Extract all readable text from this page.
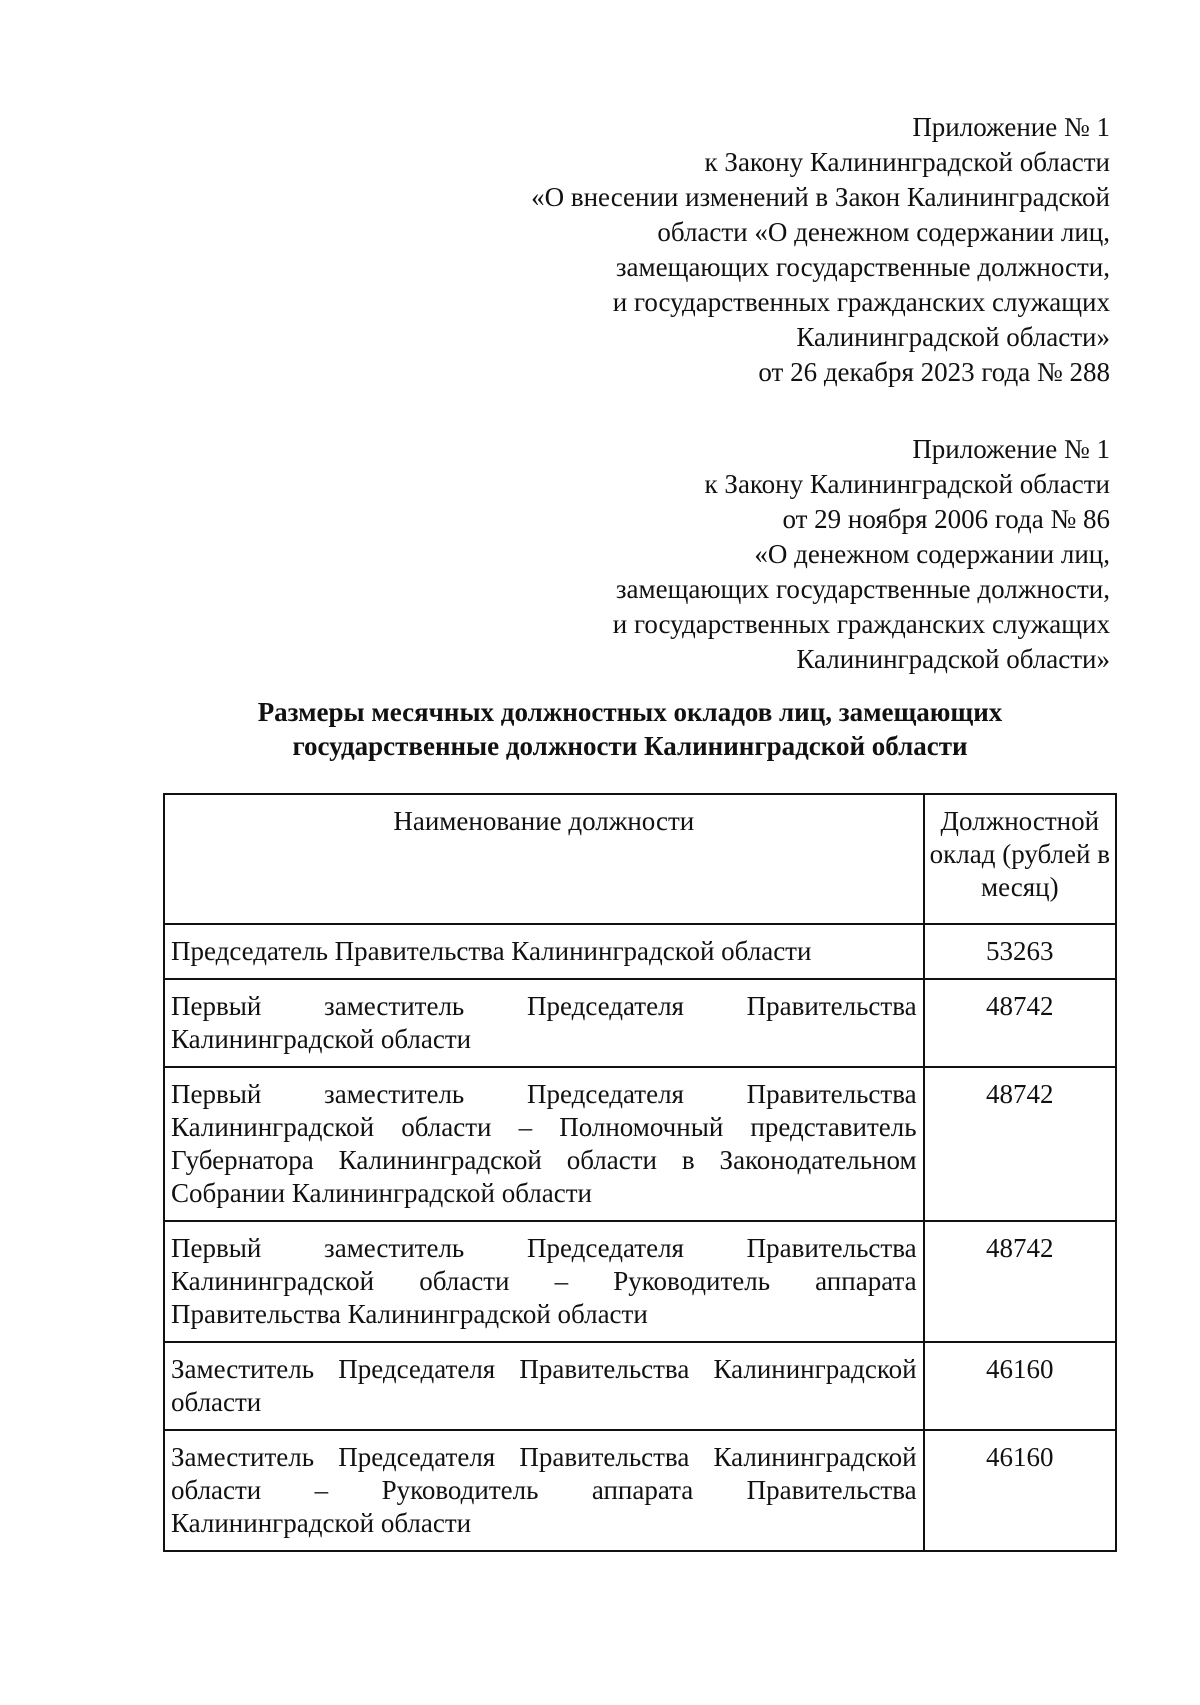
Приложение № 1
к Закону Калининградской области
«О внесении изменений в Закон Калининградской
области «О денежном содержании лиц,
замещающих государственные должности,
и государственных гражданских служащих
Калининградской области»
от 26 декабря 2023 года № 288
Приложение № 1
к Закону Калининградской области
от 29 ноября 2006 года № 86
«О денежном содержании лиц,
замещающих государственные должности,
и государственных гражданских служащих
Калининградской области»
Размеры месячных должностных окладов лиц, замещающих
государственные должности Калининградской области
Наименование должности	Должностной оклад (рублей в месяц)
Председатель Правительства Калининградской области	53263
Первый заместитель Председателя Правительства Калининградской области	48742
Первый заместитель Председателя Правительства Калининградской области – Полномочный представитель Губернатора Калининградской области в Законодательном Собрании Калининградской области	48742
Первый заместитель Председателя Правительства Калининградской области – Руководитель аппарата Правительства Калининградской области	48742
Заместитель Председателя Правительства Калининградской области	46160
Заместитель Председателя Правительства Калининградской области – Руководитель аппарата Правительства Калининградской области	46160
